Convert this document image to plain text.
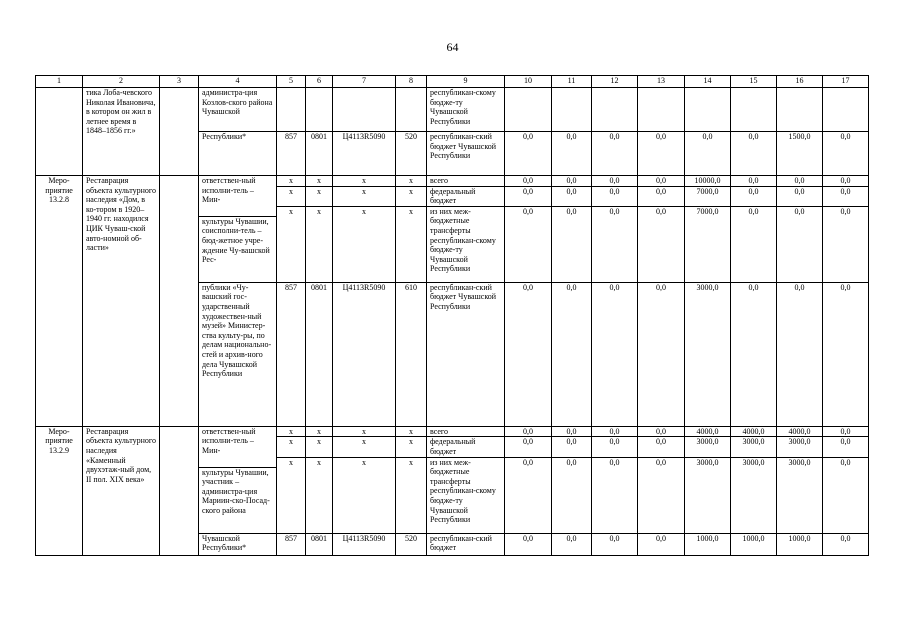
64
1	2	3	4	5	6	7	8	9	10	11	12	13	14	15	16	17
	тика Лоба-чевского Николая Ивановича, в котором он жил в летнее время в 1848–1856 гг.»		администра-ция Козлов-ского района Чувашской					республикан-скому бюдже-ту Чувашской Республики								
			Республики*	857	0801	Ц4113R5090	520	республикан-ский бюджет Чувашской Республики	0,0	0,0	0,0	0,0	0,0	0,0	1500,0	0,0
Меро-приятие 13.2.8	Реставрация объекта культурного наследия «Дом, в ко-тором в 1920–1940 гг. находился ЦИК Чуваш-ской авто-номной об-ласти»		ответствен-ный исполни-тель – Мин-	x	x	x	x	всего	0,0	0,0	0,0	0,0	10000,0	0,0	0,0	0,0
				x	x	x	x	федеральный бюджет	0,0	0,0	0,0	0,0	7000,0	0,0	0,0	0,0
				x	x	x	x	из них меж-бюджетные трансферты республикан-скому бюдже-ту Чувашской Республики	0,0	0,0	0,0	0,0	7000,0	0,0	0,0	0,0
			культуры Чувашии, соисполни-тель – бюд-жетное учре-ждение Чу-вашской Рес-													
			публики «Чу-вашский гос-ударственный художествен-ный музей» Министер-ства культу-ры, по делам национально-стей и архив-ного дела Чувашской Республики	857	0801	Ц4113R5090	610	республикан-ский бюджет Чувашской Республики	0,0	0,0	0,0	0,0	3000,0	0,0	0,0	0,0
Меро-приятие 13.2.9	Реставрация объекта культурного наследия «Каменный двухэтаж-ный дом, II пол. XIX века»		ответствен-ный исполни-тель – Мин-	x	x	x	x	всего	0,0	0,0	0,0	0,0	4000,0	4000,0	4000,0	0,0
				x	x	x	x	федеральный бюджет	0,0	0,0	0,0	0,0	3000,0	3000,0	3000,0	0,0
				x	x	x	x	из них меж-бюджетные трансферты республикан-скому бюдже-ту Чувашской Республики	0,0	0,0	0,0	0,0	3000,0	3000,0	3000,0	0,0
			культуры Чувашии, участник – администра-ция Мариин-ско-Посад-ского района													
			Чувашской Республики*	857	0801	Ц4113R5090	520	республикан-ский бюджет	0,0	0,0	0,0	0,0	1000,0	1000,0	1000,0	0,0
